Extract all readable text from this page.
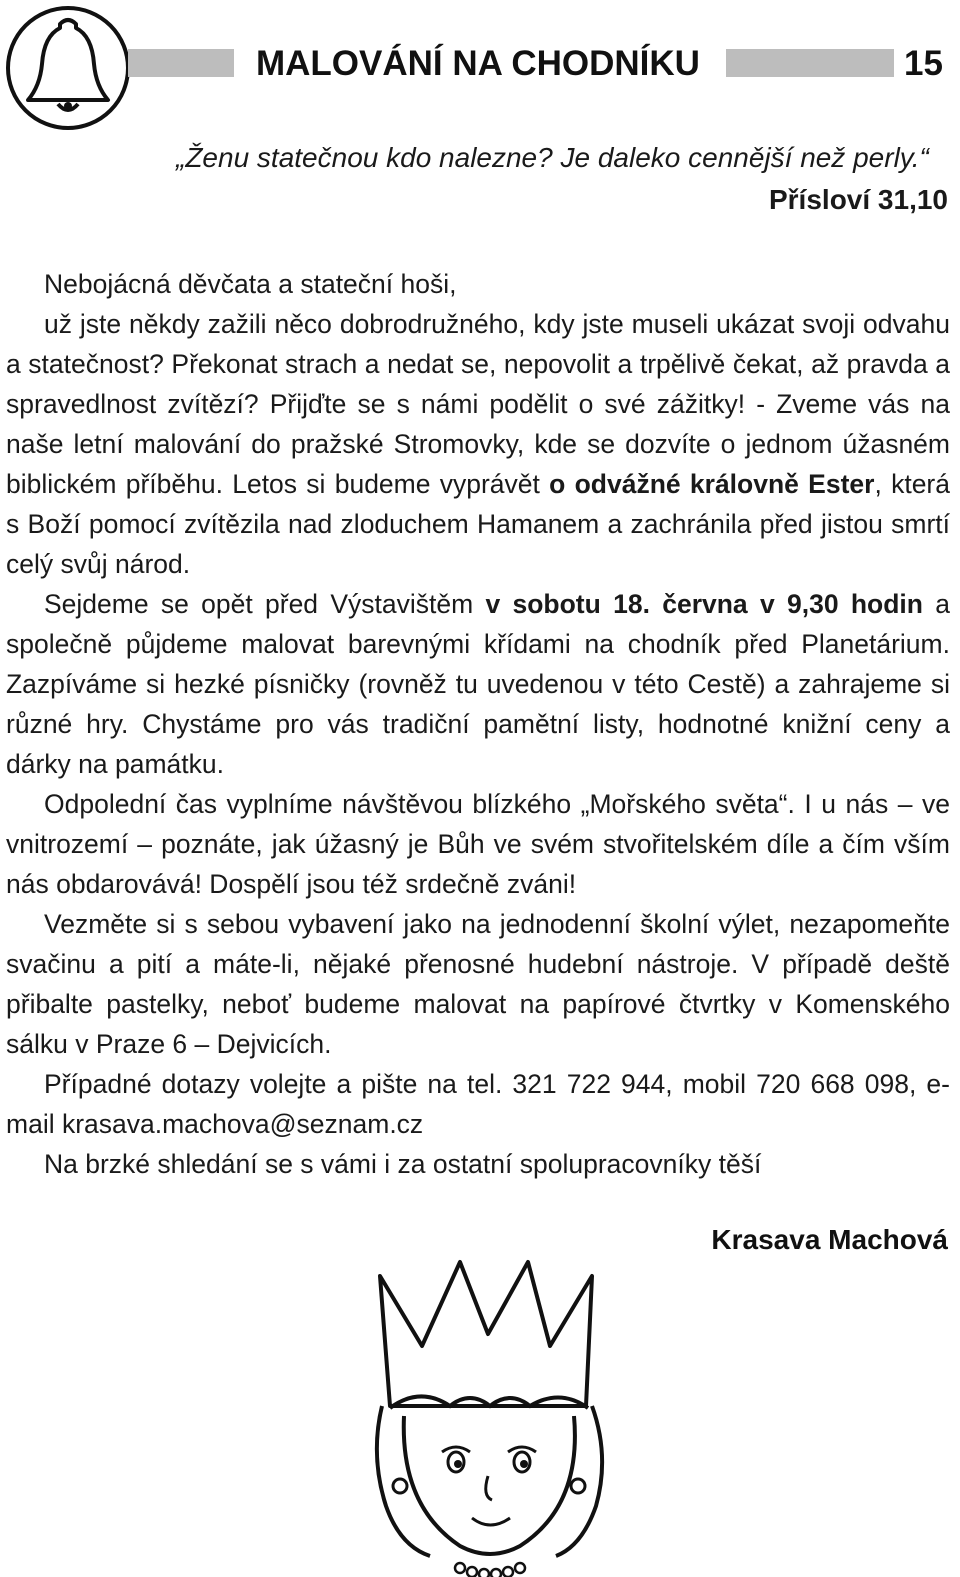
MALOVÁNÍ NA CHODNÍKU	15
„Ženu statečnou kdo nalezne? Je daleko cennější než perly.“
Přísloví 31,10

Nebojácná děvčata a stateční hoši,

už jste někdy zažili něco dobrodružného, kdy jste museli ukázat svoji odvahu a statečnost? Překonat strach a nedat se, nepovolit a trpělivě čekat, až pravda a spravedlnost zvítězí? Přijďte se s námi podělit o své zážitky! - Zveme vás na naše letní malování do pražské Stromovky, kde se dozvíte o jednom úžasném biblickém příběhu. Letos si budeme vyprávět o odvážné královně Ester, která s Boží pomocí zvítězila nad zloduchem Hamanem a zachránila před jistou smrtí celý svůj národ.

Sejdeme se opět před Výstavištěm v sobotu 18. června v 9,30 hodin a společně půjdeme malovat barevnými křídami na chodník před Planetárium. Zazpíváme si hezké písničky (rovněž tu uvedenou v této Cestě) a zahrajeme si různé hry. Chystáme pro vás tradiční pamětní listy, hodnotné knižní ceny a dárky na památku.

Odpolední čas vyplníme návštěvou blízkého „Mořského světa“. I u nás – ve vnitrozemí – poznáte, jak úžasný je Bůh ve svém stvořitelském díle a čím vším nás obdarovává! Dospělí jsou též srdečně zváni!

Vezměte si s sebou vybavení jako na jednodenní školní výlet, nezapomeňte svačinu a pití a máte-li, nějaké přenosné hudební nástroje. V případě deště přibalte pastelky, neboť budeme malovat na papírové čtvrtky v Komenského sálku v Praze 6 – Dejvicích.

Případné dotazy volejte a pište na tel. 321 722 944, mobil 720 668 098, e-mail krasava.machova@seznam.cz

Na brzké shledání se s vámi i za ostatní spolupracovníky těší

Krasava Machová
